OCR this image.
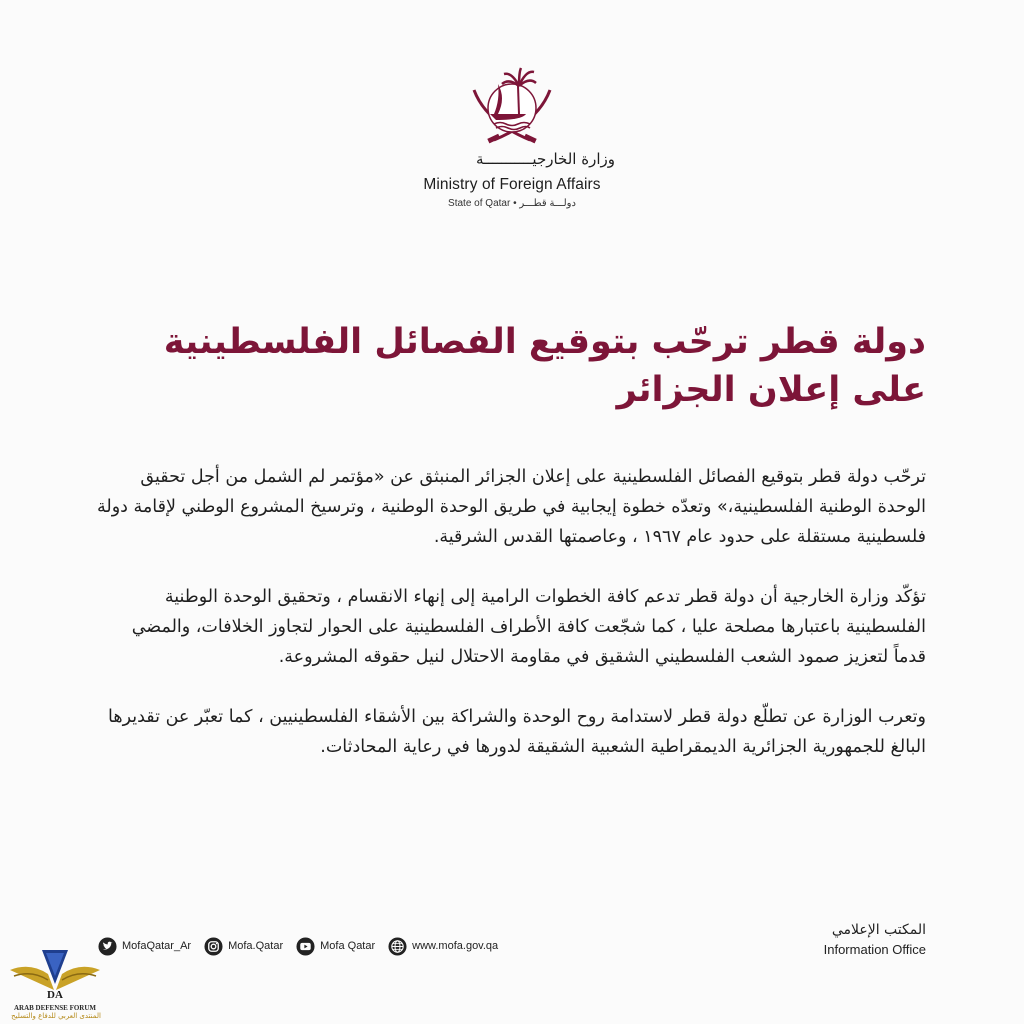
وزارة الخارجيـــــــــــة
Ministry of Foreign Affairs
State of Qatar • دولـــة قطـــر
دولة قطر ترحّب بتوقيع الفصائل الفلسطينية على إعلان الجزائر

ترحّب دولة قطر بتوقيع الفصائل الفلسطينية على إعلان الجزائر المنبثق عن «مؤتمر لم الشمل من أجل تحقيق الوحدة الوطنية الفلسطينية،» وتعدّه خطوة إيجابية في طريق الوحدة الوطنية ، وترسيخ المشروع الوطني لإقامة دولة فلسطينية مستقلة على حدود عام ١٩٦٧ ، وعاصمتها القدس الشرقية.

تؤكّد وزارة الخارجية أن دولة قطر تدعم كافة الخطوات الرامية إلى إنهاء الانقسام ، وتحقيق الوحدة الوطنية الفلسطينية باعتبارها مصلحة عليا ، كما شجّعت كافة الأطراف الفلسطينية على الحوار لتجاوز الخلافات، والمضي قدماً لتعزيز صمود الشعب الفلسطيني الشقيق في مقاومة الاحتلال لنيل حقوقه المشروعة.

وتعرب الوزارة عن تطلّع دولة قطر لاستدامة روح الوحدة والشراكة بين الأشقاء الفلسطينيين ، كما تعبّر عن تقديرها البالغ للجمهورية الجزائرية الديمقراطية الشعبية الشقيقة لدورها في رعاية المحادثات.

المكتب الإعلامي
Information Office
MofaQatar_Ar	Mofa.Qatar	Mofa Qatar	www.mofa.gov.qa
DA
ARAB DEFENSE FORUM
المنتدى العربي للدفاع والتسليح
